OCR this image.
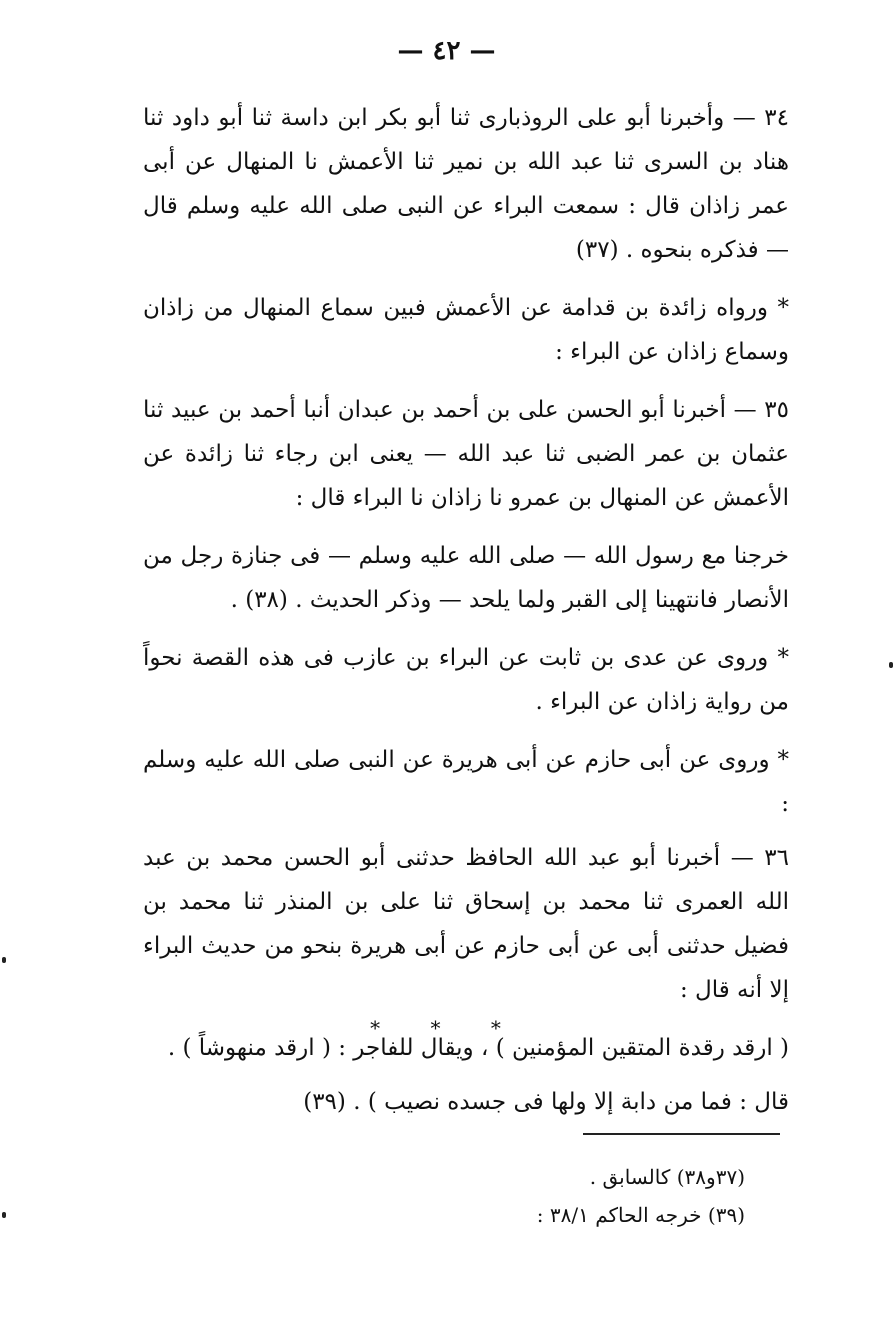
— ٤٢ —

٣٤ — وأخبرنا أبو على الروذبارى ثنا أبو بكر ابن داسة ثنا أبو داود ثنا هناد بن السرى ثنا عبد الله بن نمير ثنا الأعمش نا المنهال عن أبى عمر زاذان قال : سمعت البراء عن النبى صلى الله عليه وسلم قال — فذكره بنحوه . (٣٧)

* ورواه زائدة بن قدامة عن الأعمش فبين سماع المنهال من زاذان وسماع زاذان عن البراء :

٣٥ — أخبرنا أبو الحسن على بن أحمد بن عبدان أنبا أحمد بن عبيد ثنا عثمان بن عمر الضبى ثنا عبد الله — يعنى ابن رجاء ثنا زائدة عن الأعمش عن المنهال بن عمرو نا زاذان نا البراء قال :

خرجنا مع رسول الله — صلى الله عليه وسلم — فى جنازة رجل من الأنصار فانتهينا إلى القبر ولما يلحد — وذكر الحديث . (٣٨) .

* وروى عن عدى بن ثابت عن البراء بن عازب فى هذه القصة نحواً من رواية زاذان عن البراء .

* وروى عن أبى حازم عن أبى هريرة عن النبى صلى الله عليه وسلم :

٣٦ — أخبرنا أبو عبد الله الحافظ حدثنى أبو الحسن محمد بن عبد الله العمرى ثنا محمد بن إسحاق ثنا على بن المنذر ثنا محمد بن فضيل حدثنى أبى عن أبى حازم عن أبى هريرة بنحو من حديث البراء إلا أنه قال :

( ارقد رقدة المتقين المؤمنين ) ، ويقال للفاجر : ( ارقد منهوشاً ) .

قال : فما من دابة إلا ولها فى جسده نصيب ) . (٣٩)

* * *

(٣٧و٣٨) كالسابق .

(٣٩) خرجه الحاكم ٣٨/١ :
